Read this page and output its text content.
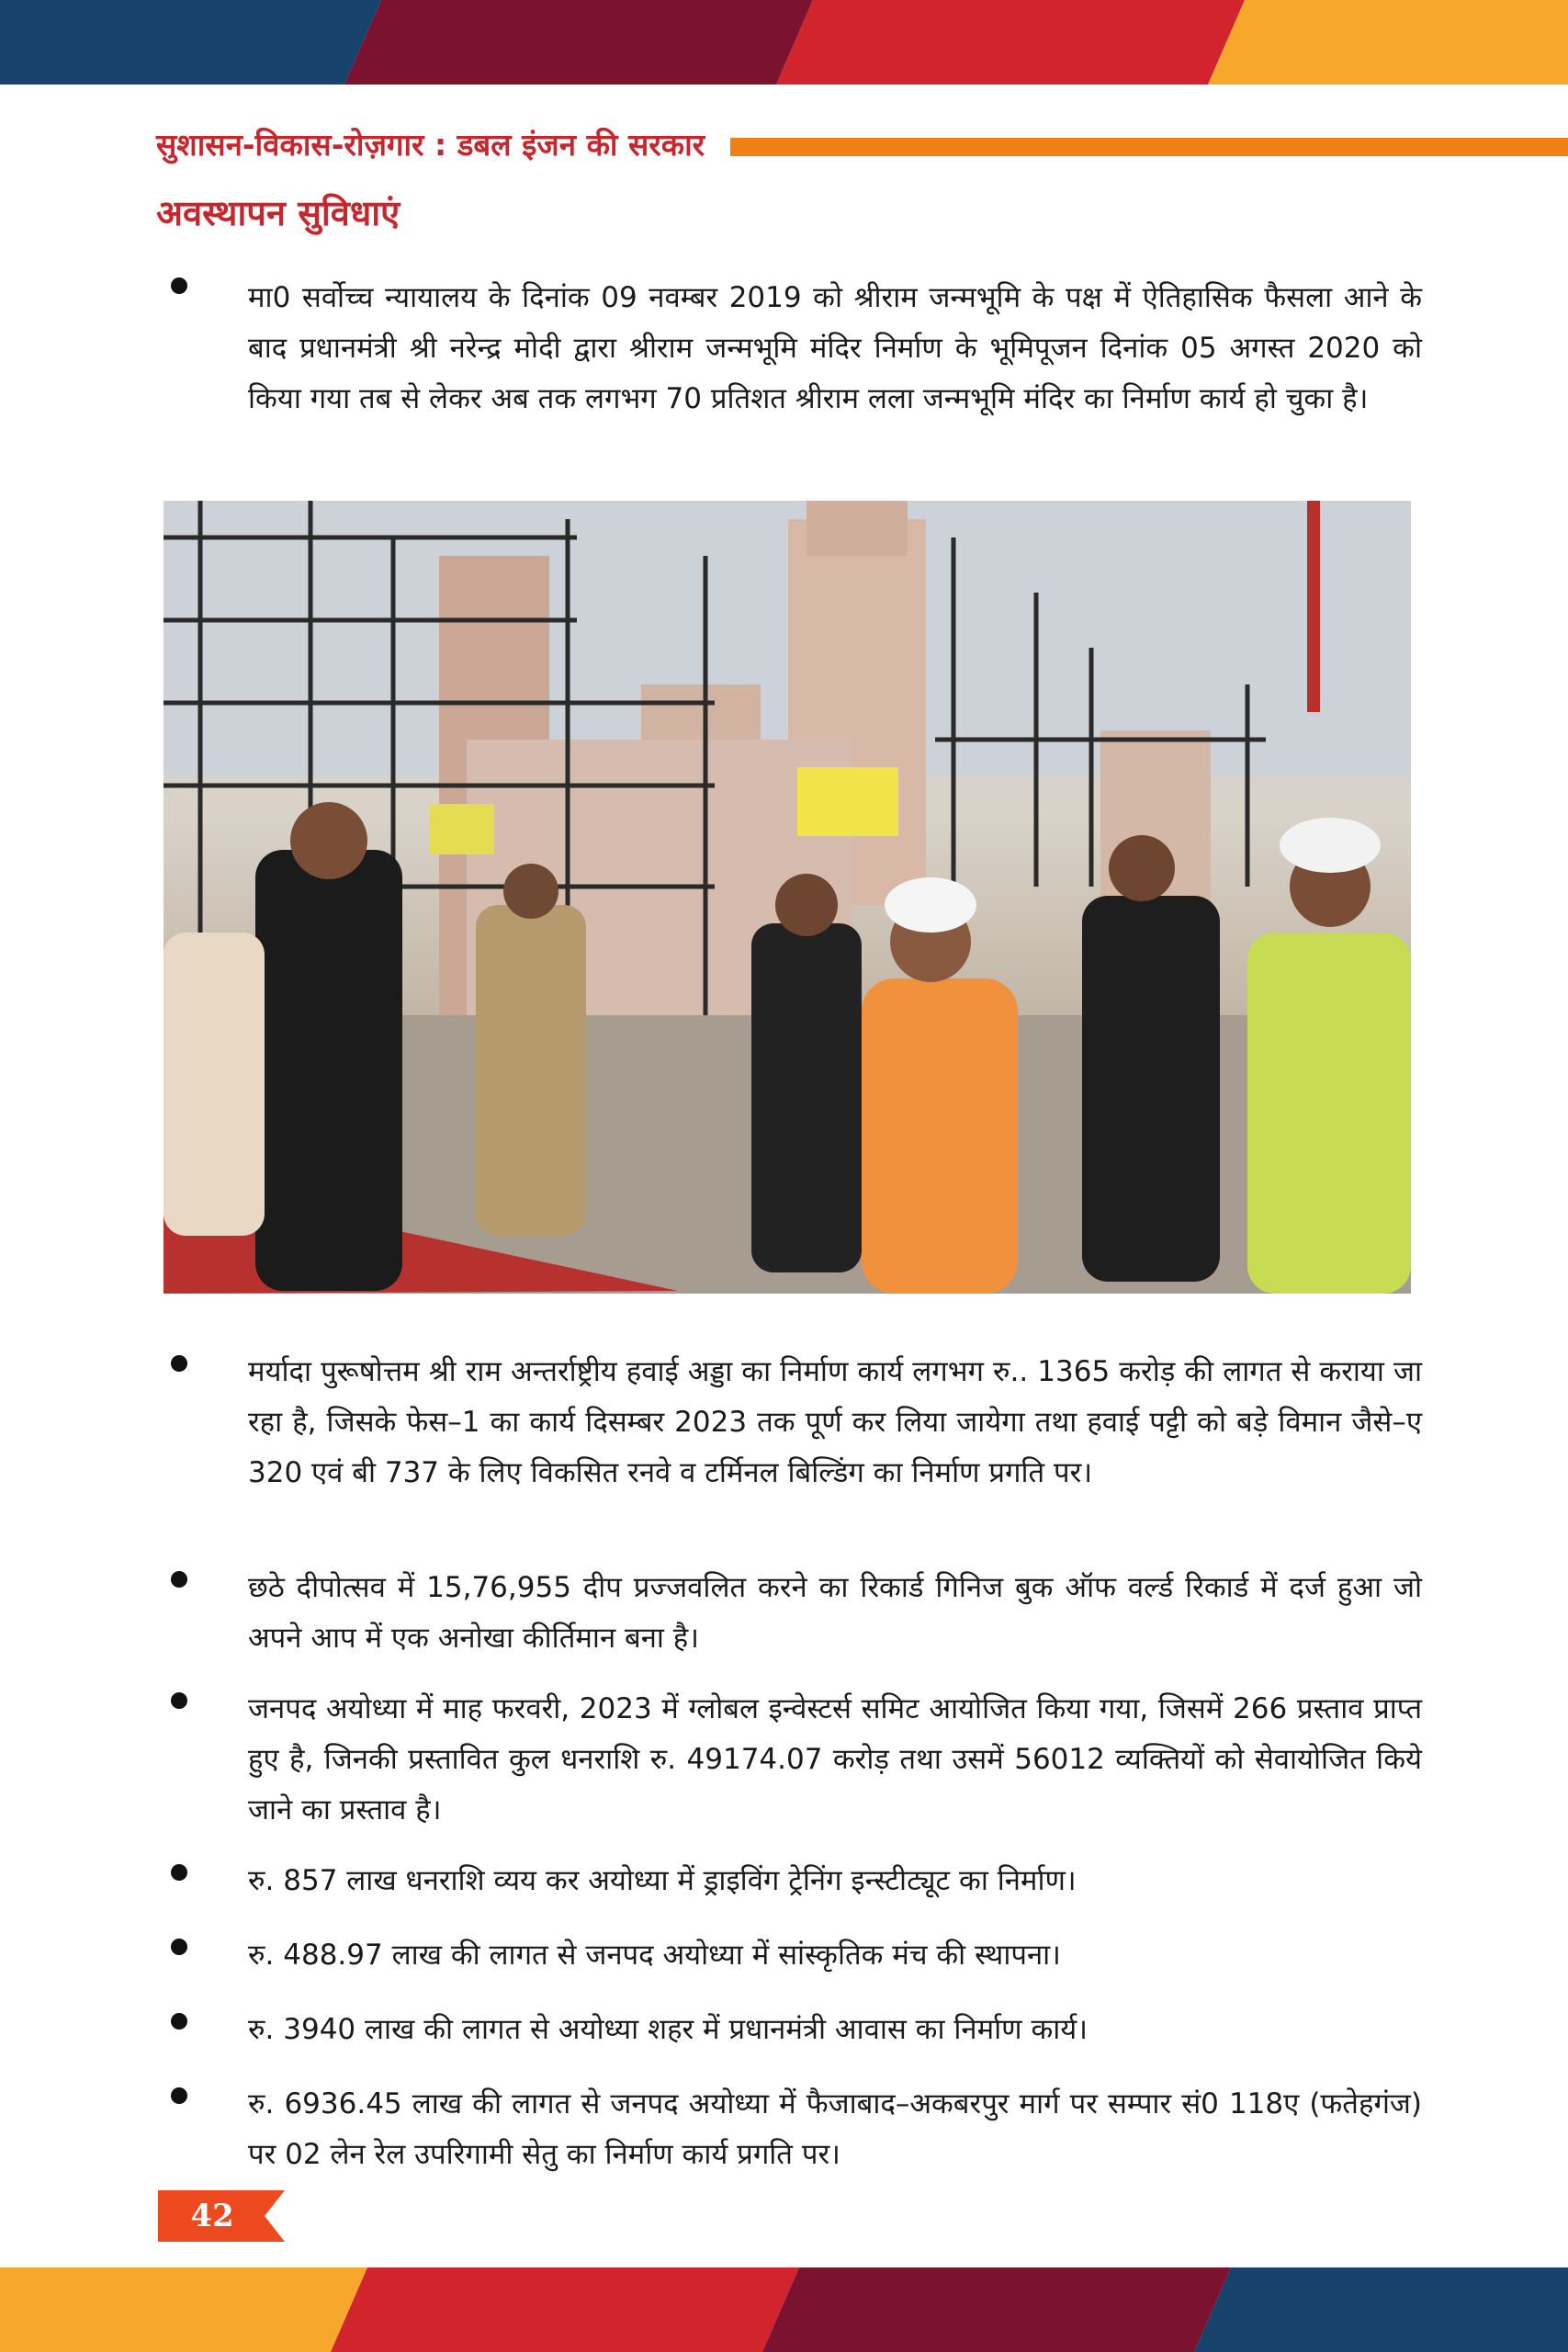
सुशासन-विकास-रोज़गार : डबल इंजन की सरकार
अवस्थापन सुविधाएं
मा0 सर्वोच्च न्यायालय के दिनांक 09 नवम्बर 2019 को श्रीराम जन्मभूमि के पक्ष में ऐतिहासिक फैसला आने के बाद प्रधानमंत्री श्री नरेन्द्र मोदी द्वारा श्रीराम जन्मभूमि मंदिर निर्माण के भूमिपूजन दिनांक 05 अगस्त 2020 को किया गया तब से लेकर अब तक लगभग 70 प्रतिशत श्रीराम लला जन्मभूमि मंदिर का निर्माण कार्य हो चुका है।
मर्यादा पुरूषोत्तम श्री राम अन्तर्राष्ट्रीय हवाई अड्डा का निर्माण कार्य लगभग रु.. 1365 करोड़ की लागत से कराया जा रहा है, जिसके फेस–1 का कार्य दिसम्बर 2023 तक पूर्ण कर लिया जायेगा तथा हवाई पट्टी को बड़े विमान जैसे–ए 320 एवं बी 737 के लिए विकसित रनवे व टर्मिनल बिल्डिंग का निर्माण प्रगति पर।
छठे दीपोत्सव में 15,76,955 दीप प्रज्जवलित करने का रिकार्ड गिनिज बुक ऑफ वर्ल्ड रिकार्ड में दर्ज हुआ जो अपने आप में एक अनोखा कीर्तिमान बना है।
जनपद अयोध्या में माह फरवरी, 2023 में ग्लोबल इन्वेस्टर्स समिट आयोजित किया गया, जिसमें 266 प्रस्ताव प्राप्त हुए है, जिनकी प्रस्तावित कुल धनराशि रु. 49174.07 करोड़ तथा उसमें 56012 व्यक्तियों को सेवायोजित किये जाने का प्रस्ताव है।
रु. 857 लाख धनराशि व्यय कर अयोध्या में ड्राइविंग ट्रेनिंग इन्स्टीट्यूट का निर्माण।
रु. 488.97 लाख की लागत से जनपद अयोध्या में सांस्कृतिक मंच की स्थापना।
रु. 3940 लाख की लागत से अयोध्या शहर में प्रधानमंत्री आवास का निर्माण कार्य।
रु. 6936.45 लाख की लागत से जनपद अयोध्या में फैजाबाद–अकबरपुर मार्ग पर सम्पार सं0 118ए (फतेहगंज) पर 02 लेन रेल उपरिगामी सेतु का निर्माण कार्य प्रगति पर।
42
